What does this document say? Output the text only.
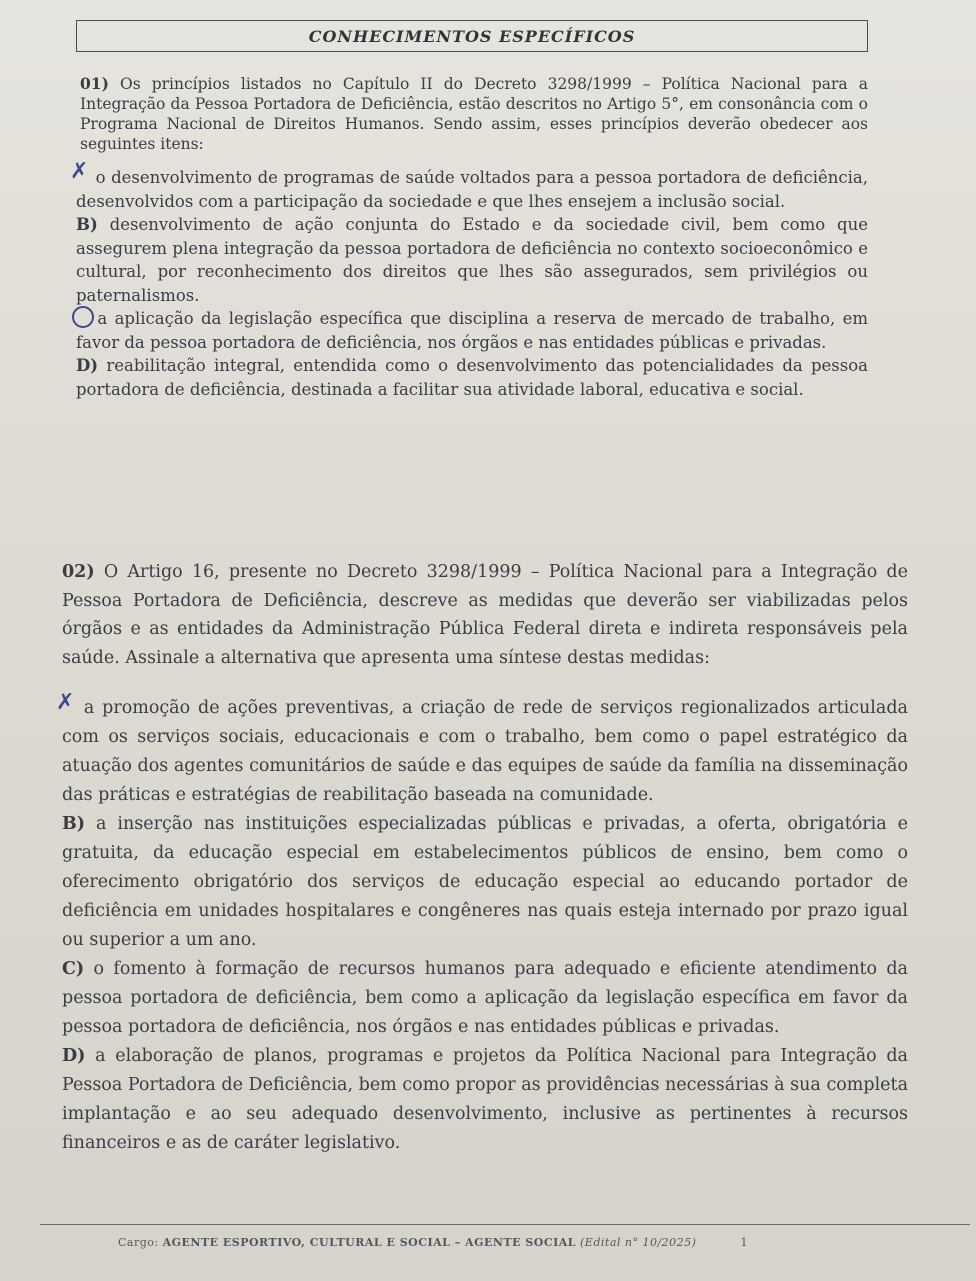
CONHECIMENTOS ESPECÍFICOS
01) Os princípios listados no Capítulo II do Decreto 3298/1999 – Política Nacional para a Integração da Pessoa Portadora de Deficiência, estão descritos no Artigo 5°, em consonância com o Programa Nacional de Direitos Humanos. Sendo assim, esses princípios deverão obedecer aos seguintes itens:
✗ o desenvolvimento de programas de saúde voltados para a pessoa portadora de deficiência, desenvolvidos com a participação da sociedade e que lhes ensejem a inclusão social.
B) desenvolvimento de ação conjunta do Estado e da sociedade civil, bem como que assegurem plena integração da pessoa portadora de deficiência no contexto socioeconômico e cultural, por reconhecimento dos direitos que lhes são assegurados, sem privilégios ou paternalismos.
a aplicação da legislação específica que disciplina a reserva de mercado de trabalho, em favor da pessoa portadora de deficiência, nos órgãos e nas entidades públicas e privadas.
D) reabilitação integral, entendida como o desenvolvimento das potencialidades da pessoa portadora de deficiência, destinada a facilitar sua atividade laboral, educativa e social.
02) O Artigo 16, presente no Decreto 3298/1999 – Política Nacional para a Integração de Pessoa Portadora de Deficiência, descreve as medidas que deverão ser viabilizadas pelos órgãos e as entidades da Administração Pública Federal direta e indireta responsáveis pela saúde. Assinale a alternativa que apresenta uma síntese destas medidas:
✗ a promoção de ações preventivas, a criação de rede de serviços regionalizados articulada com os serviços sociais, educacionais e com o trabalho, bem como o papel estratégico da atuação dos agentes comunitários de saúde e das equipes de saúde da família na disseminação das práticas e estratégias de reabilitação baseada na comunidade.
B) a inserção nas instituições especializadas públicas e privadas, a oferta, obrigatória e gratuita, da educação especial em estabelecimentos públicos de ensino, bem como o oferecimento obrigatório dos serviços de educação especial ao educando portador de deficiência em unidades hospitalares e congêneres nas quais esteja internado por prazo igual ou superior a um ano.
C) o fomento à formação de recursos humanos para adequado e eficiente atendimento da pessoa portadora de deficiência, bem como a aplicação da legislação específica em favor da pessoa portadora de deficiência, nos órgãos e nas entidades públicas e privadas.
D) a elaboração de planos, programas e projetos da Política Nacional para Integração da Pessoa Portadora de Deficiência, bem como propor as providências necessárias à sua completa implantação e ao seu adequado desenvolvimento, inclusive as pertinentes à recursos financeiros e as de caráter legislativo.
Cargo: AGENTE ESPORTIVO, CULTURAL E SOCIAL – AGENTE SOCIAL (Edital n° 10/2025)	1
